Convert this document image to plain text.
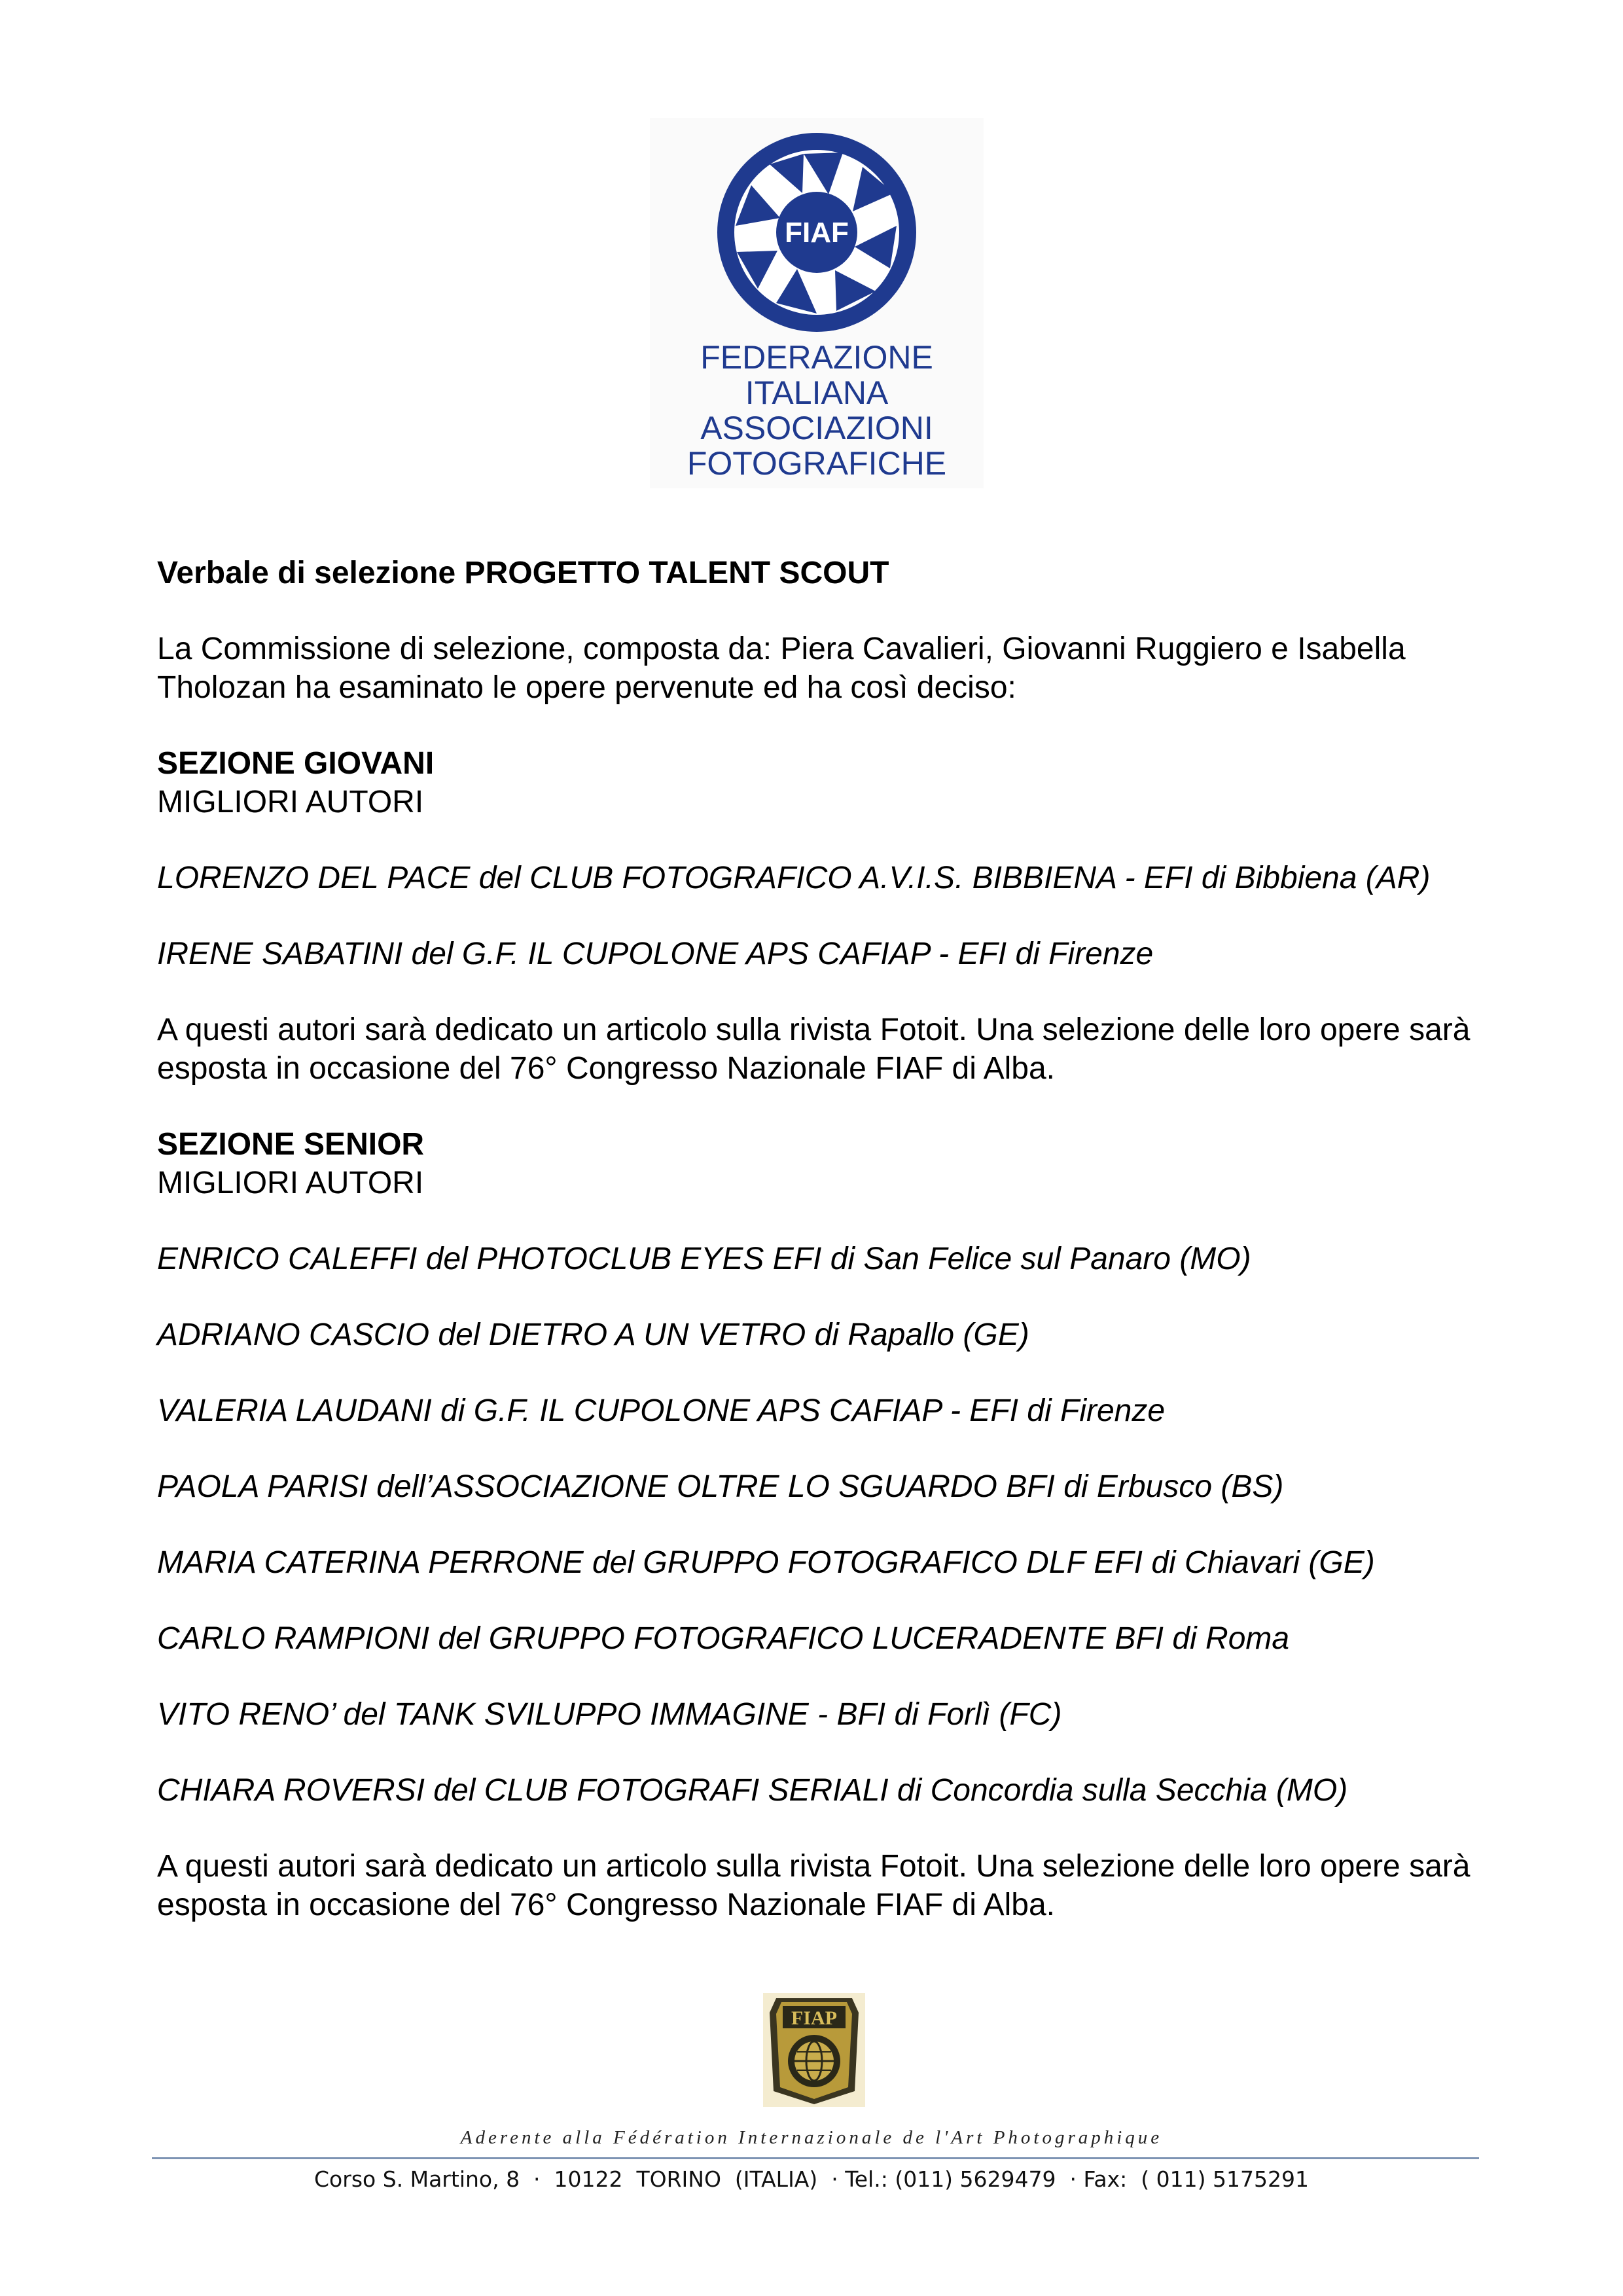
FIAF
FEDERAZIONE
ITALIANA
ASSOCIAZIONI
FOTOGRAFICHE

Verbale di selezione PROGETTO TALENT SCOUT

La Commissione di selezione, composta da: Piera Cavalieri, Giovanni Ruggiero e Isabella Tholozan ha esaminato le opere pervenute ed ha così deciso:

SEZIONE GIOVANI

MIGLIORI AUTORI

LORENZO DEL PACE del CLUB FOTOGRAFICO A.V.I.S. BIBBIENA - EFI di Bibbiena (AR)

IRENE SABATINI del G.F. IL CUPOLONE APS CAFIAP - EFI di Firenze

A questi autori sarà dedicato un articolo sulla rivista Fotoit. Una selezione delle loro opere sarà esposta in occasione del 76° Congresso Nazionale FIAF di Alba.

SEZIONE SENIOR

MIGLIORI AUTORI

ENRICO CALEFFI del PHOTOCLUB EYES EFI di San Felice sul Panaro (MO)

ADRIANO CASCIO del DIETRO A UN VETRO di Rapallo (GE)

VALERIA LAUDANI di G.F. IL CUPOLONE APS CAFIAP - EFI di Firenze

PAOLA PARISI dell’ASSOCIAZIONE OLTRE LO SGUARDO BFI di Erbusco (BS)

MARIA CATERINA PERRONE del GRUPPO FOTOGRAFICO DLF EFI di Chiavari (GE)

CARLO RAMPIONI del GRUPPO FOTOGRAFICO LUCERADENTE BFI di Roma

VITO RENO’ del TANK SVILUPPO IMMAGINE - BFI di Forlì (FC)

CHIARA ROVERSI del CLUB FOTOGRAFI SERIALI di Concordia sulla Secchia (MO)

A questi autori sarà dedicato un articolo sulla rivista Fotoit. Una selezione delle loro opere sarà esposta in occasione del 76° Congresso Nazionale FIAF di Alba.

FIAP
Aderente alla Fédération Internazionale de l'Art Photographique
Corso S. Martino, 8  ·  10122  TORINO  (ITALIA)  · Tel.: (011) 5629479  · Fax:  ( 011) 5175291
